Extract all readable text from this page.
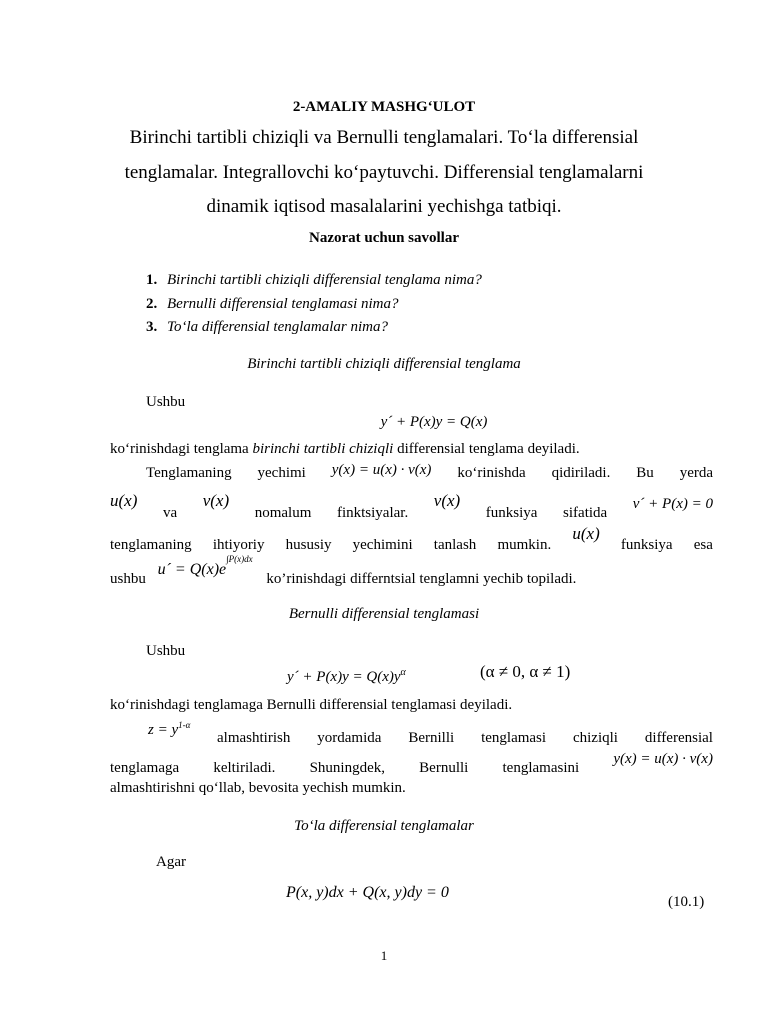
2-AMALIY MASHG‘ULOT
Birinchi tartibli chiziqli va Bernulli tenglamalari. To‘la differensial
tenglamalar. Integrallovchi ko‘paytuvchi. Differensial tenglamalarni
dinamik iqtisod masalalarini yechishga tatbiqi.
Nazorat uchun savollar
1. Birinchi tartibli chiziqli differensial tenglama nima?
2. Bernulli differensial tenglamasi nima?
3. To‘la differensial tenglamalar nima?
Birinchi tartibli chiziqli differensial tenglama
Ushbu
y´ + P(x)y = Q(x)
ko‘rinishdagi tenglama birinchi tartibli chiziqli differensial tenglama deyiladi.
Tenglamaning yechimi y(x) = u(x) · v(x) ko‘rinishda qidiriladi. Bu yerda
u(x)
va
v(x)
nomalum finktsiyalar.
v(x)
funksiya sifatida
v´ + P(x) = 0
tenglamaning ihtiyoriy hususiy yechimini tanlash mumkin.
u(x)
funksiya esa
ushbu u´ = $Q(x)e^{\int P(x)dx}$ ko’rinishdagi differntsial tenglamni yechib topiladi.
Bernulli differensial tenglamasi
Ushbu
y´ + $P(x)y = Q(x)y^\alpha$	(α ≠ 0, α ≠ 1)
ko‘rinishdagi tenglamaga Bernulli differensial tenglamasi deyiladi.
$z = y^{1-\alpha}$
almashtirish yordamida Bernilli tenglamasi chiziqli differensial
tenglamaga keltiriladi. Shuningdek, Bernulli tenglamasini
y(x) = u(x) · v(x)
almashtirishni qo‘llab, bevosita yechish mumkin.
To‘la differensial tenglamalar
Agar
P(x, y)dx + Q(x, y)dy = 0
(10.1)
1
